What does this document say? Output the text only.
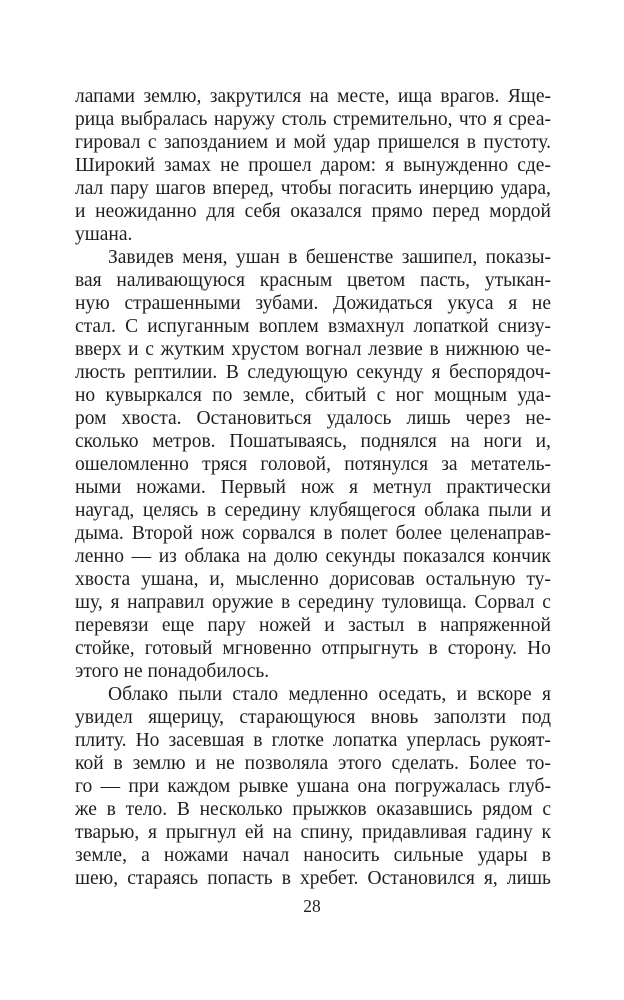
лапами землю, закрутился на месте, ища врагов. Яще-
рица выбралась наружу столь стремительно, что я среа-
гировал с запозданием и мой удар пришелся в пустоту.
Широкий замах не прошел даром: я вынужденно сде-
лал пару шагов вперед, чтобы погасить инерцию удара,
и неожиданно для себя оказался прямо перед мордой
ушана.
Завидев меня, ушан в бешенстве зашипел, показы-
вая наливающуюся красным цветом пасть, утыкан-
ную страшенными зубами. Дожидаться укуса я не
стал. С испуганным воплем взмахнул лопаткой снизу-
вверх и с жутким хрустом вогнал лезвие в нижнюю че-
люсть рептилии. В следующую секунду я беспорядоч-
но кувыркался по земле, сбитый с ног мощным уда-
ром хвоста. Остановиться удалось лишь через не-
сколько метров. Пошатываясь, поднялся на ноги и,
ошеломленно тряся головой, потянулся за метатель-
ными ножами. Первый нож я метнул практически
наугад, целясь в середину клубящегося облака пыли и
дыма. Второй нож сорвался в полет более целенаправ-
ленно — из облака на долю секунды показался кончик
хвоста ушана, и, мысленно дорисовав остальную ту-
шу, я направил оружие в середину туловища. Сорвал с
перевязи еще пару ножей и застыл в напряженной
стойке, готовый мгновенно отпрыгнуть в сторону. Но
этого не понадобилось.
Облако пыли стало медленно оседать, и вскоре я
увидел ящерицу, старающуюся вновь заползти под
плиту. Но засевшая в глотке лопатка уперлась рукоят-
кой в землю и не позволяла этого сделать. Более то-
го — при каждом рывке ушана она погружалась глуб-
же в тело. В несколько прыжков оказавшись рядом с
тварью, я прыгнул ей на спину, придавливая гадину к
земле, а ножами начал наносить сильные удары в
шею, стараясь попасть в хребет. Остановился я, лишь
28
